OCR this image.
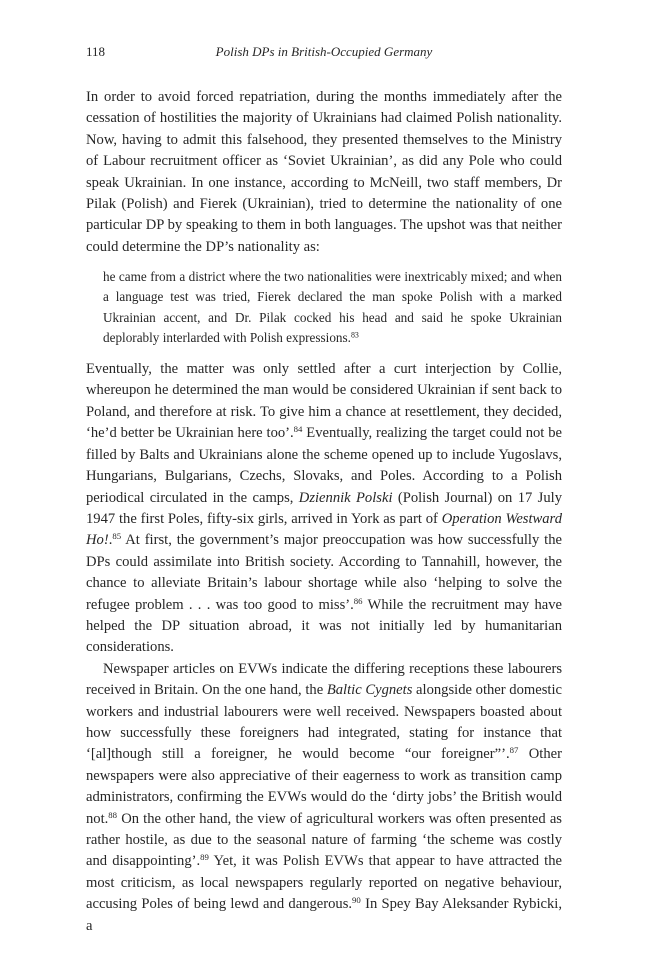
118	Polish DPs in British-Occupied Germany

In order to avoid forced repatriation, during the months immediately after the cessation of hostilities the majority of Ukrainians had claimed Polish nationality. Now, having to admit this falsehood, they presented themselves to the Ministry of Labour recruitment officer as ‘Soviet Ukrainian’, as did any Pole who could speak Ukrainian. In one instance, according to McNeill, two staff members, Dr Pilak (Polish) and Fierek (Ukrainian), tried to determine the nationality of one particular DP by speaking to them in both languages. The upshot was that neither could determine the DP’s nationality as:

he came from a district where the two nationalities were inextricably mixed; and when a language test was tried, Fierek declared the man spoke Polish with a marked Ukrainian accent, and Dr. Pilak cocked his head and said he spoke Ukrainian deplorably interlarded with Polish expressions.$^{83}$

Eventually, the matter was only settled after a curt interjection by Collie, whereupon he determined the man would be considered Ukrainian if sent back to Poland, and therefore at risk. To give him a chance at resettlement, they decided, ‘he’d better be Ukrainian here too’.$^{84}$ Eventually, realizing the target could not be filled by Balts and Ukrainians alone the scheme opened up to include Yugoslavs, Hungarians, Bulgarians, Czechs, Slovaks, and Poles. According to a Polish periodical circulated in the camps, Dziennik Polski (Polish Journal) on 17 July 1947 the first Poles, fifty-six girls, arrived in York as part of Operation Westward Ho!.$^{85}$ At first, the government’s major preoccupation was how successfully the DPs could assimilate into British society. According to Tannahill, however, the chance to alleviate Britain’s labour shortage while also ‘helping to solve the refugee problem . . . was too good to miss’.$^{86}$ While the recruitment may have helped the DP situation abroad, it was not initially led by humanitarian considerations.

Newspaper articles on EVWs indicate the differing receptions these labourers received in Britain. On the one hand, the Baltic Cygnets alongside other domestic workers and industrial labourers were well received. Newspapers boasted about how successfully these foreigners had integrated, stating for instance that ‘[al]though still a foreigner, he would become “our foreigner”’.$^{87}$ Other newspapers were also appreciative of their eagerness to work as transition camp administrators, confirming the EVWs would do the ‘dirty jobs’ the British would not.$^{88}$ On the other hand, the view of agricultural workers was often presented as rather hostile, as due to the seasonal nature of farming ‘the scheme was costly and disappointing’.$^{89}$ Yet, it was Polish EVWs that appear to have attracted the most criticism, as local newspapers regularly reported on negative behaviour, accusing Poles of being lewd and dangerous.$^{90}$ In Spey Bay Aleksander Rybicki, a
